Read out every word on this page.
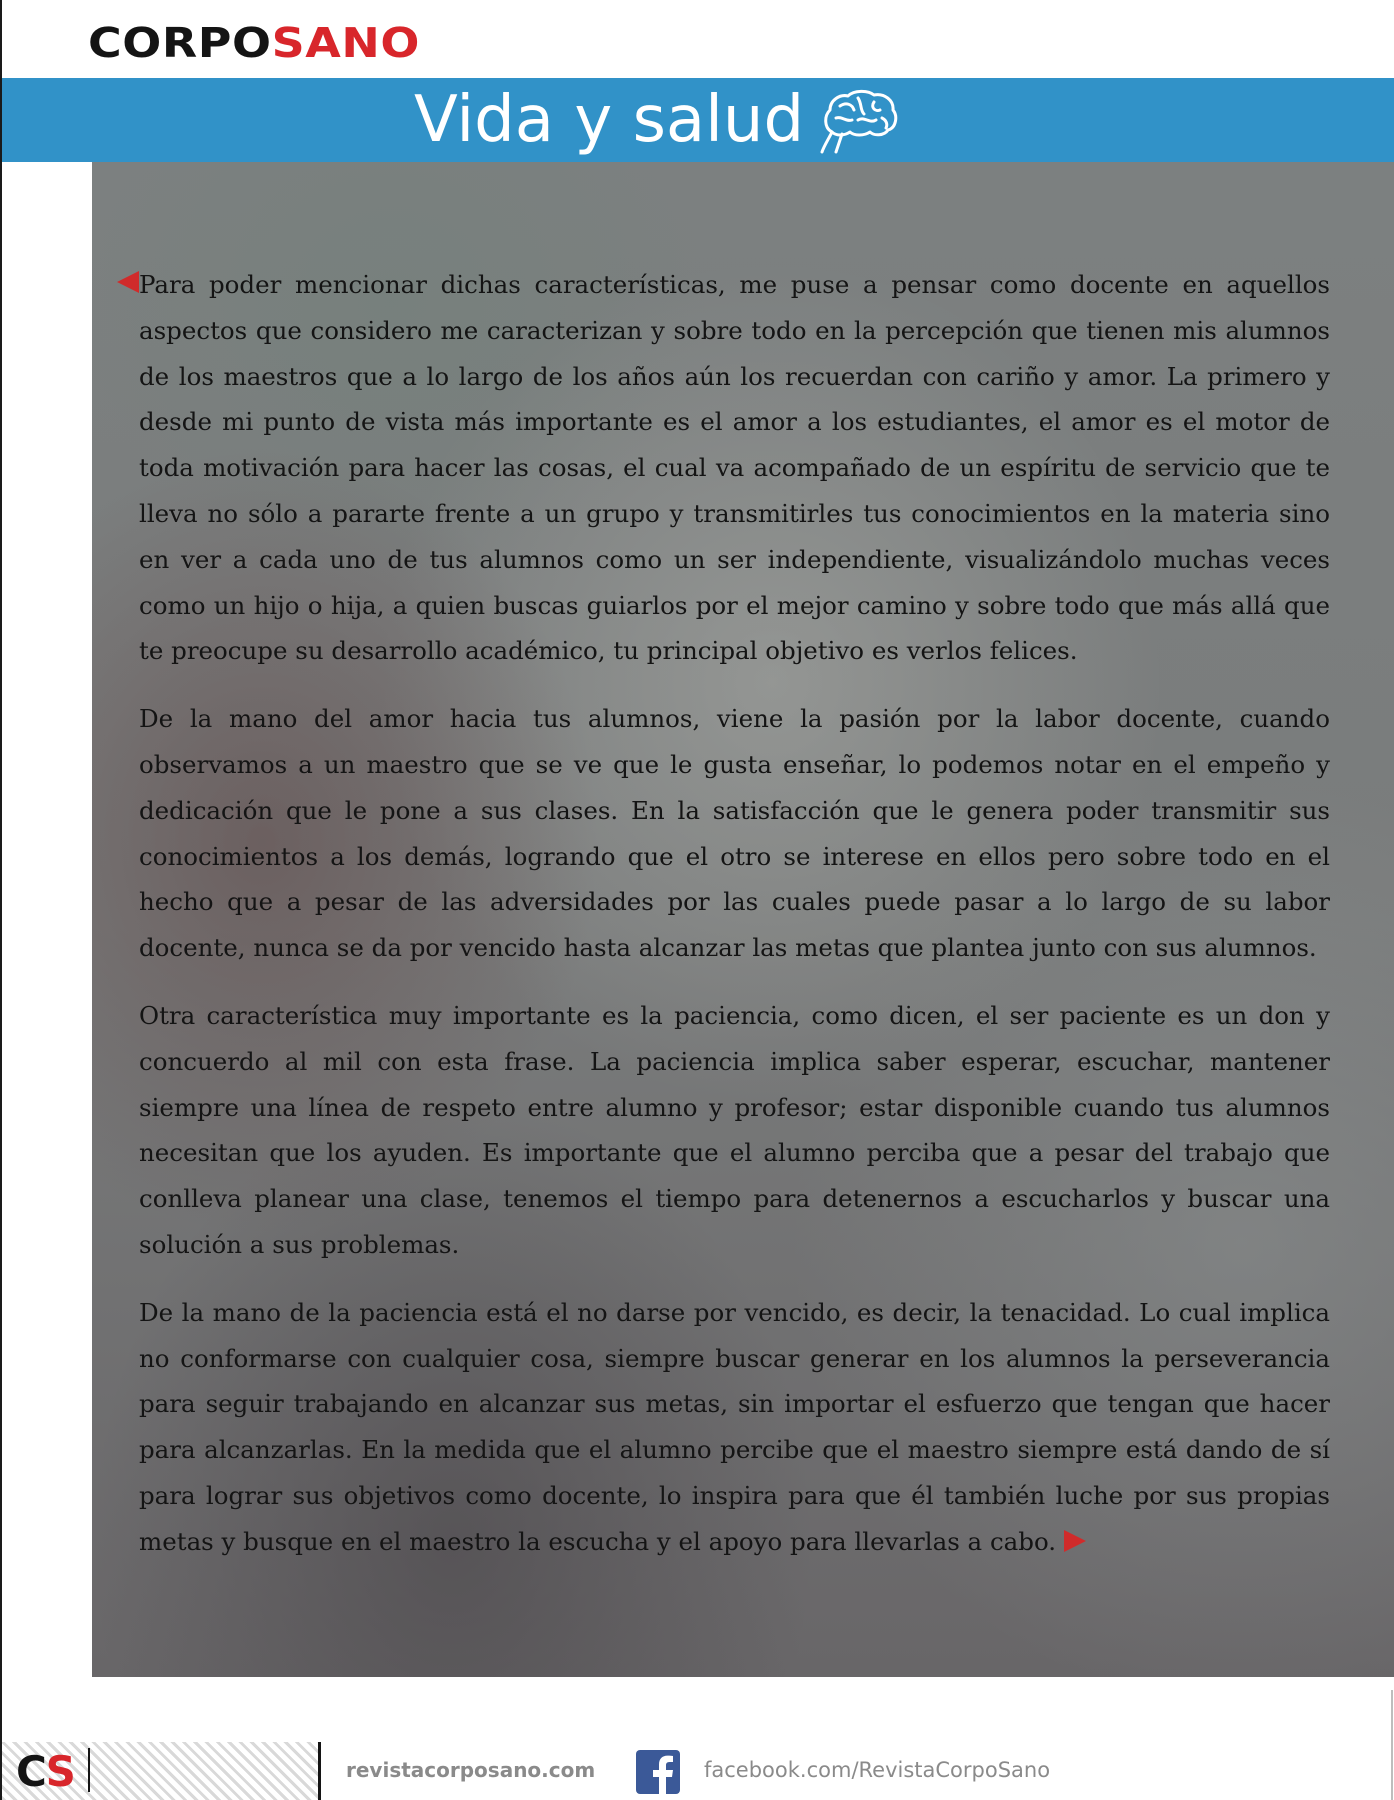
CORPOSANO
Vida y salud

Para poder mencionar dichas características, me puse a pensar como docente en aquellos aspectos que considero me caracterizan y sobre todo en la percepción que tienen mis alumnos de los maestros que a lo largo de los años aún los recuerdan con cariño y amor. La primero y desde mi punto de vista más importante es el amor a los estudiantes, el amor es el motor de toda motivación para hacer las cosas, el cual va acompañado de un espíritu de servicio que te lleva no sólo a pararte frente a un grupo y transmitirles tus conocimientos en la materia sino en ver a cada uno de tus alumnos como un ser independiente, visualizándolo muchas veces como un hijo o hija, a quien buscas guiarlos por el mejor camino y sobre todo que más allá que te preocupe su desarrollo académico, tu principal objetivo es verlos felices.

De la mano del amor hacia tus alumnos, viene la pasión por la labor docente, cuando observamos a un maestro que se ve que le gusta enseñar, lo podemos notar en el empeño y dedicación que le pone a sus clases. En la satisfacción que le genera poder transmitir sus conocimientos a los demás, logrando que el otro se interese en ellos pero sobre todo en el hecho que a pesar de las adversidades por las cuales puede pasar a lo largo de su labor docente, nunca se da por vencido hasta alcanzar las metas que plantea junto con sus alumnos.

Otra característica muy importante es la paciencia, como dicen, el ser paciente es un don y concuerdo al mil con esta frase. La paciencia implica saber esperar, escuchar, mantener siempre una línea de respeto entre alumno y profesor; estar disponible cuando tus alumnos necesitan que los ayuden. Es importante que el alumno perciba que a pesar del trabajo que conlleva planear una clase, tenemos el tiempo para detenernos a escucharlos y buscar una solución a sus problemas.

De la mano de la paciencia está el no darse por vencido, es decir, la tenacidad. Lo cual implica no conformarse con cualquier cosa, siempre buscar generar en los alumnos la perseverancia para seguir trabajando en alcanzar sus metas, sin importar el esfuerzo que tengan que hacer para alcanzarlas. En la medida que el alumno percibe que el maestro siempre está dando de sí para lograr sus objetivos como docente, lo inspira para que él también luche por sus propias metas y busque en el maestro la escucha y el apoyo para llevarlas a cabo.

CS	revistacorposano.com	facebook.com/RevistaCorpoSano
